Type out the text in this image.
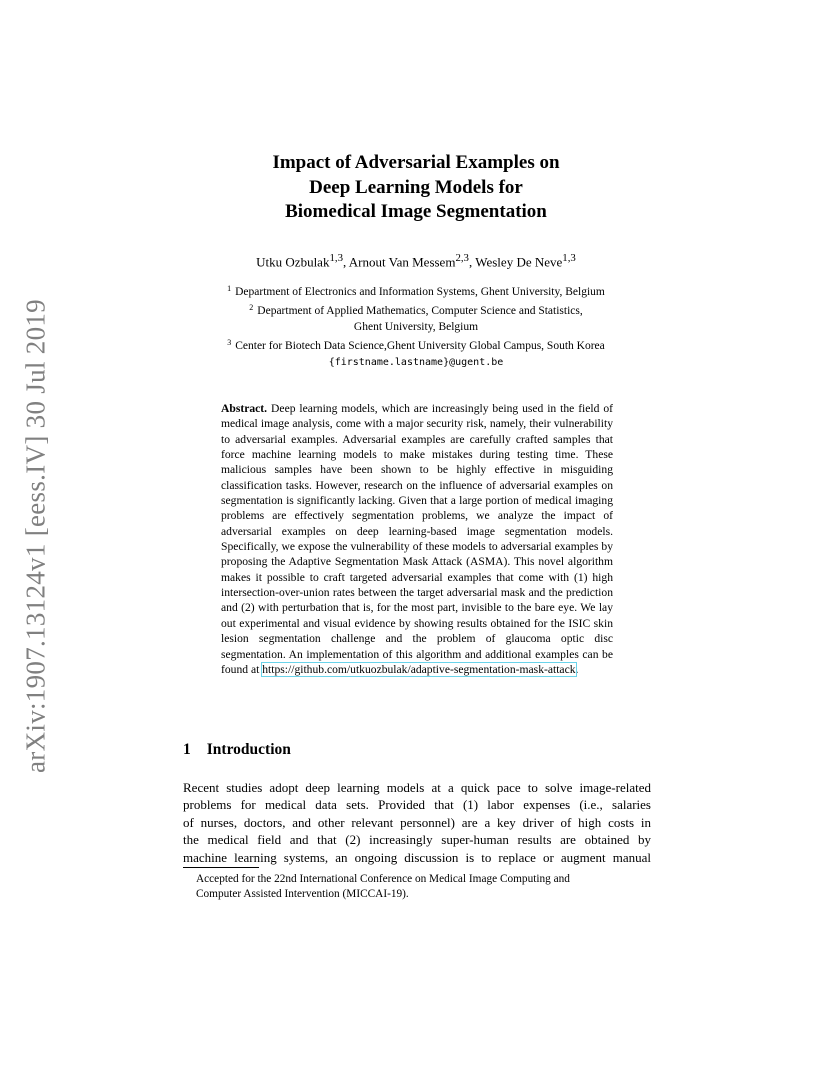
arXiv:1907.13124v1 [eess.IV] 30 Jul 2019
Impact of Adversarial Examples on
Deep Learning Models for
Biomedical Image Segmentation
Utku Ozbulak$^{1,3}$, Arnout Van Messem$^{2,3}$, Wesley De Neve$^{1,3}$
$^1$ Department of Electronics and Information Systems, Ghent University, Belgium
$^2$ Department of Applied Mathematics, Computer Science and Statistics,
Ghent University, Belgium
$^3$ Center for Biotech Data Science,Ghent University Global Campus, South Korea
{firstname.lastname}@ugent.be
Abstract. Deep learning models, which are increasingly being used in the field of medical image analysis, come with a major security risk, namely, their vulnerability to adversarial examples. Adversarial examples are carefully crafted samples that force machine learning models to make mistakes during testing time. These malicious samples have been shown to be highly effective in misguiding classification tasks. However, research on the influence of adversarial examples on segmentation is significantly lacking. Given that a large portion of medical imaging problems are effectively segmentation problems, we analyze the impact of adversarial examples on deep learning-based image segmentation models. Specifically, we expose the vulnerability of these models to adversarial examples by proposing the Adaptive Segmentation Mask Attack (ASMA). This novel algorithm makes it possible to craft targeted adversarial examples that come with (1) high intersection-over-union rates between the target adversarial mask and the prediction and (2) with perturbation that is, for the most part, invisible to the bare eye. We lay out experimental and visual evidence by showing results obtained for the ISIC skin lesion segmentation challenge and the problem of glaucoma optic disc segmentation. An implementation of this algorithm and additional examples can be found at https://github.com/utkuozbulak/adaptive-segmentation-mask-attack.
1 Introduction
Recent studies adopt deep learning models at a quick pace to solve image-related
problems for medical data sets. Provided that (1) labor expenses (i.e., salaries
of nurses, doctors, and other relevant personnel) are a key driver of high costs in
the medical field and that (2) increasingly super-human results are obtained by
machine learning systems, an ongoing discussion is to replace or augment manual
Accepted for the 22nd International Conference on Medical Image Computing and
Computer Assisted Intervention (MICCAI-19).
